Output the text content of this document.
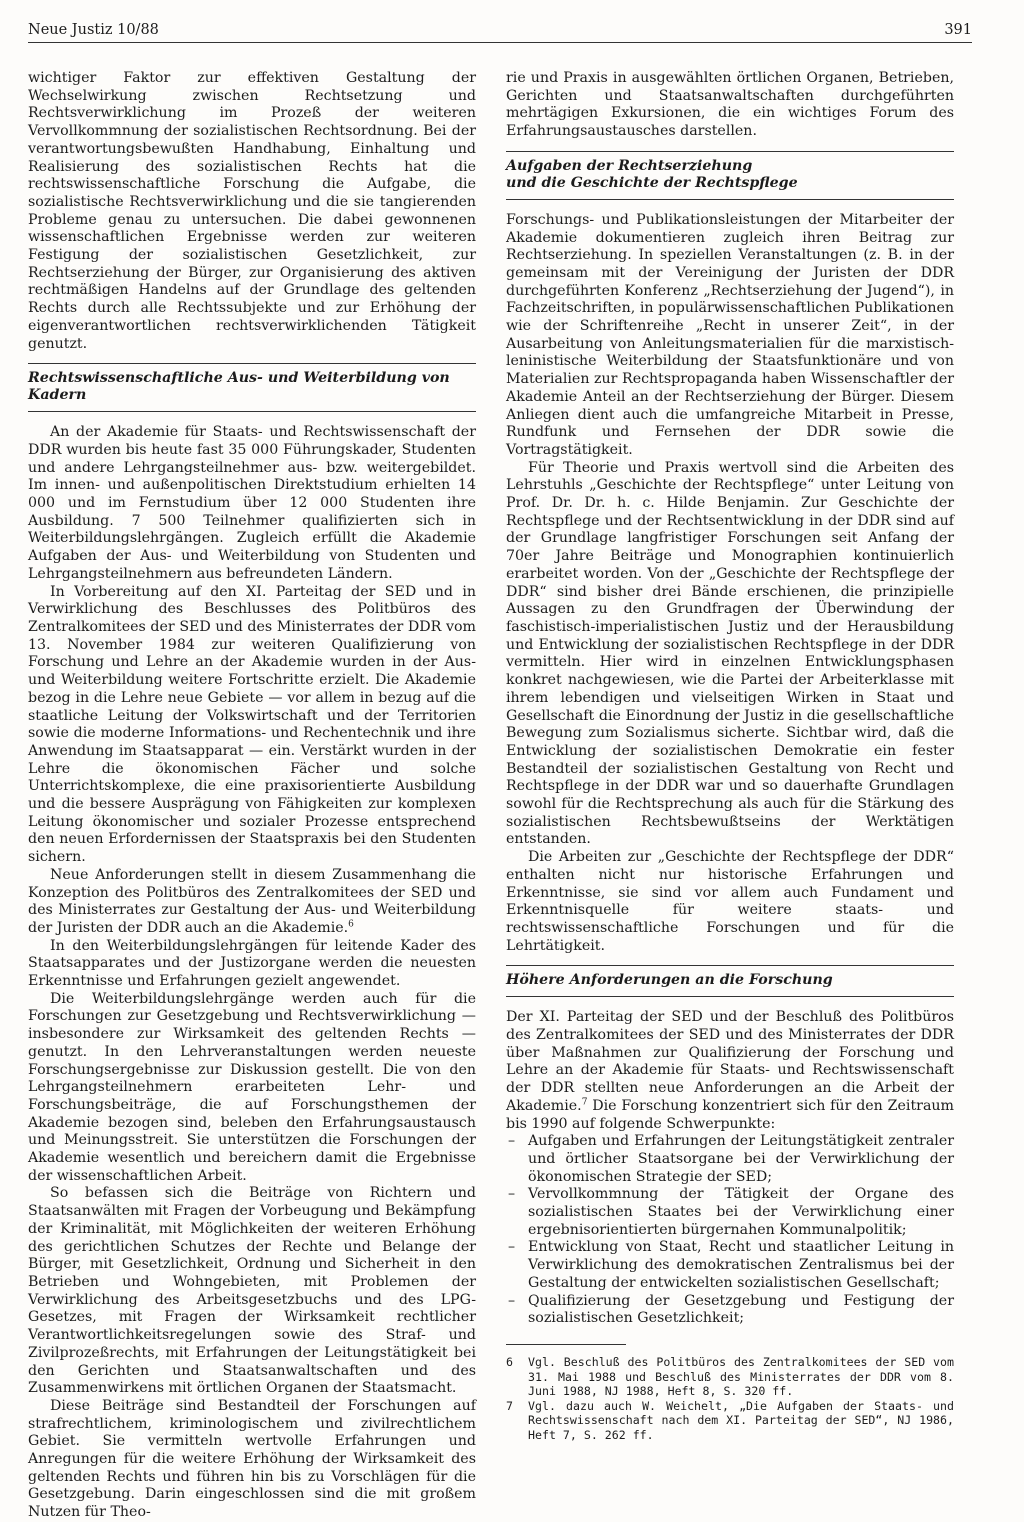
Neue Justiz 10/88	391

wichtiger Faktor zur effektiven Gestaltung der Wechselwirkung zwischen Rechtsetzung und Rechtsverwirklichung im Prozeß der weiteren Vervollkommnung der sozialistischen Rechtsordnung. Bei der verantwortungsbewußten Handhabung, Einhaltung und Realisierung des sozialistischen Rechts hat die rechtswissenschaftliche Forschung die Aufgabe, die sozialistische Rechtsverwirklichung und die sie tangierenden Probleme genau zu untersuchen. Die dabei gewonnenen wissenschaftlichen Ergebnisse werden zur weiteren Festigung der sozialistischen Gesetzlichkeit, zur Rechtserziehung der Bürger, zur Organisierung des aktiven rechtmäßigen Handelns auf der Grundlage des geltenden Rechts durch alle Rechtssubjekte und zur Erhöhung der eigenverantwortlichen rechtsverwirklichenden Tätigkeit genutzt.

Rechtswissenschaftliche Aus- und Weiterbildung von Kadern

An der Akademie für Staats- und Rechtswissenschaft der DDR wurden bis heute fast 35 000 Führungskader, Studenten und andere Lehrgangsteilnehmer aus- bzw. weitergebildet. Im innen- und außenpolitischen Direktstudium erhielten 14 000 und im Fernstudium über 12 000 Studenten ihre Ausbildung. 7 500 Teilnehmer qualifizierten sich in Weiterbildungslehrgängen. Zugleich erfüllt die Akademie Aufgaben der Aus- und Weiterbildung von Studenten und Lehrgangsteilnehmern aus befreundeten Ländern.

In Vorbereitung auf den XI. Parteitag der SED und in Verwirklichung des Beschlusses des Politbüros des Zentralkomitees der SED und des Ministerrates der DDR vom 13. November 1984 zur weiteren Qualifizierung von Forschung und Lehre an der Akademie wurden in der Aus- und Weiterbildung weitere Fortschritte erzielt. Die Akademie bezog in die Lehre neue Gebiete — vor allem in bezug auf die staatliche Leitung der Volkswirtschaft und der Territorien sowie die moderne Informations- und Rechentechnik und ihre Anwendung im Staatsapparat — ein. Verstärkt wurden in der Lehre die ökonomischen Fächer und solche Unterrichtskomplexe, die eine praxisorientierte Ausbildung und die bessere Ausprägung von Fähigkeiten zur komplexen Leitung ökonomischer und sozialer Prozesse entsprechend den neuen Erfordernissen der Staatspraxis bei den Studenten sichern.

Neue Anforderungen stellt in diesem Zusammenhang die Konzeption des Politbüros des Zentralkomitees der SED und des Ministerrates zur Gestaltung der Aus- und Weiterbildung der Juristen der DDR auch an die Akademie.$^6$

In den Weiterbildungslehrgängen für leitende Kader des Staatsapparates und der Justizorgane werden die neuesten Erkenntnisse und Erfahrungen gezielt angewendet.

Die Weiterbildungslehrgänge werden auch für die Forschungen zur Gesetzgebung und Rechtsverwirklichung — insbesondere zur Wirksamkeit des geltenden Rechts — genutzt. In den Lehrveranstaltungen werden neueste Forschungsergebnisse zur Diskussion gestellt. Die von den Lehrgangsteilnehmern erarbeiteten Lehr- und Forschungsbeiträge, die auf Forschungsthemen der Akademie bezogen sind, beleben den Erfahrungsaustausch und Meinungsstreit. Sie unterstützen die Forschungen der Akademie wesentlich und bereichern damit die Ergebnisse der wissenschaftlichen Arbeit.

So befassen sich die Beiträge von Richtern und Staatsanwälten mit Fragen der Vorbeugung und Bekämpfung der Kriminalität, mit Möglichkeiten der weiteren Erhöhung des gerichtlichen Schutzes der Rechte und Belange der Bürger, mit Gesetzlichkeit, Ordnung und Sicherheit in den Betrieben und Wohngebieten, mit Problemen der Verwirklichung des Arbeitsgesetzbuchs und des LPG-Gesetzes, mit Fragen der Wirksamkeit rechtlicher Verantwortlichkeitsregelungen sowie des Straf- und Zivilprozeßrechts, mit Erfahrungen der Leitungstätigkeit bei den Gerichten und Staatsanwaltschaften und des Zusammenwirkens mit örtlichen Organen der Staatsmacht.

Diese Beiträge sind Bestandteil der Forschungen auf strafrechtlichem, kriminologischem und zivilrechtlichem Gebiet. Sie vermitteln wertvolle Erfahrungen und Anregungen für die weitere Erhöhung der Wirksamkeit des geltenden Rechts und führen hin bis zu Vorschlägen für die Gesetzgebung. Darin eingeschlossen sind die mit großem Nutzen für Theo-

rie und Praxis in ausgewählten örtlichen Organen, Betrieben, Gerichten und Staatsanwaltschaften durchgeführten mehrtägigen Exkursionen, die ein wichtiges Forum des Erfahrungsaustausches darstellen.

Aufgaben der Rechtserziehung
und die Geschichte der Rechtspflege

Forschungs- und Publikationsleistungen der Mitarbeiter der Akademie dokumentieren zugleich ihren Beitrag zur Rechtserziehung. In speziellen Veranstaltungen (z. B. in der gemeinsam mit der Vereinigung der Juristen der DDR durchgeführten Konferenz „Rechtserziehung der Jugend“), in Fachzeitschriften, in populärwissenschaftlichen Publikationen wie der Schriftenreihe „Recht in unserer Zeit“, in der Ausarbeitung von Anleitungsmaterialien für die marxistisch-leninistische Weiterbildung der Staatsfunktionäre und von Materialien zur Rechtspropaganda haben Wissenschaftler der Akademie Anteil an der Rechtserziehung der Bürger. Diesem Anliegen dient auch die umfangreiche Mitarbeit in Presse, Rundfunk und Fernsehen der DDR sowie die Vortragstätigkeit.

Für Theorie und Praxis wertvoll sind die Arbeiten des Lehrstuhls „Geschichte der Rechtspflege“ unter Leitung von Prof. Dr. Dr. h. c. Hilde Benjamin. Zur Geschichte der Rechtspflege und der Rechtsentwicklung in der DDR sind auf der Grundlage langfristiger Forschungen seit Anfang der 70er Jahre Beiträge und Monographien kontinuierlich erarbeitet worden. Von der „Geschichte der Rechtspflege der DDR“ sind bisher drei Bände erschienen, die prinzipielle Aussagen zu den Grundfragen der Überwindung der faschistisch-imperialistischen Justiz und der Herausbildung und Entwicklung der sozialistischen Rechtspflege in der DDR vermitteln. Hier wird in einzelnen Entwicklungsphasen konkret nachgewiesen, wie die Partei der Arbeiterklasse mit ihrem lebendigen und vielseitigen Wirken in Staat und Gesellschaft die Einordnung der Justiz in die gesellschaftliche Bewegung zum Sozialismus sicherte. Sichtbar wird, daß die Entwicklung der sozialistischen Demokratie ein fester Bestandteil der sozialistischen Gestaltung von Recht und Rechtspflege in der DDR war und so dauerhafte Grundlagen sowohl für die Rechtsprechung als auch für die Stärkung des sozialistischen Rechtsbewußtseins der Werktätigen entstanden.

Die Arbeiten zur „Geschichte der Rechtspflege der DDR“ enthalten nicht nur historische Erfahrungen und Erkenntnisse, sie sind vor allem auch Fundament und Erkenntnisquelle für weitere staats- und rechtswissenschaftliche Forschungen und für die Lehrtätigkeit.

Höhere Anforderungen an die Forschung

Der XI. Parteitag der SED und der Beschluß des Politbüros des Zentralkomitees der SED und des Ministerrates der DDR über Maßnahmen zur Qualifizierung der Forschung und Lehre an der Akademie für Staats- und Rechtswissenschaft der DDR stellten neue Anforderungen an die Arbeit der Akademie.$^7$ Die Forschung konzentriert sich für den Zeitraum bis 1990 auf folgende Schwerpunkte:

– Aufgaben und Erfahrungen der Leitungstätigkeit zentraler und örtlicher Staatsorgane bei der Verwirklichung der ökonomischen Strategie der SED;
– Vervollkommnung der Tätigkeit der Organe des sozialistischen Staates bei der Verwirklichung einer ergebnisorientierten bürgernahen Kommunalpolitik;
– Entwicklung von Staat, Recht und staatlicher Leitung in Verwirklichung des demokratischen Zentralismus bei der Gestaltung der entwickelten sozialistischen Gesellschaft;
– Qualifizierung der Gesetzgebung und Festigung der sozialistischen Gesetzlichkeit;
6	Vgl. Beschluß des Politbüros des Zentralkomitees der SED vom 31. Mai 1988 und Beschluß des Ministerrates der DDR vom 8. Juni 1988, NJ 1988, Heft 8, S. 320 ff.
7	Vgl. dazu auch W. Weichelt, „Die Aufgaben der Staats- und Rechtswissenschaft nach dem XI. Parteitag der SED“, NJ 1986, Heft 7, S. 262 ff.
